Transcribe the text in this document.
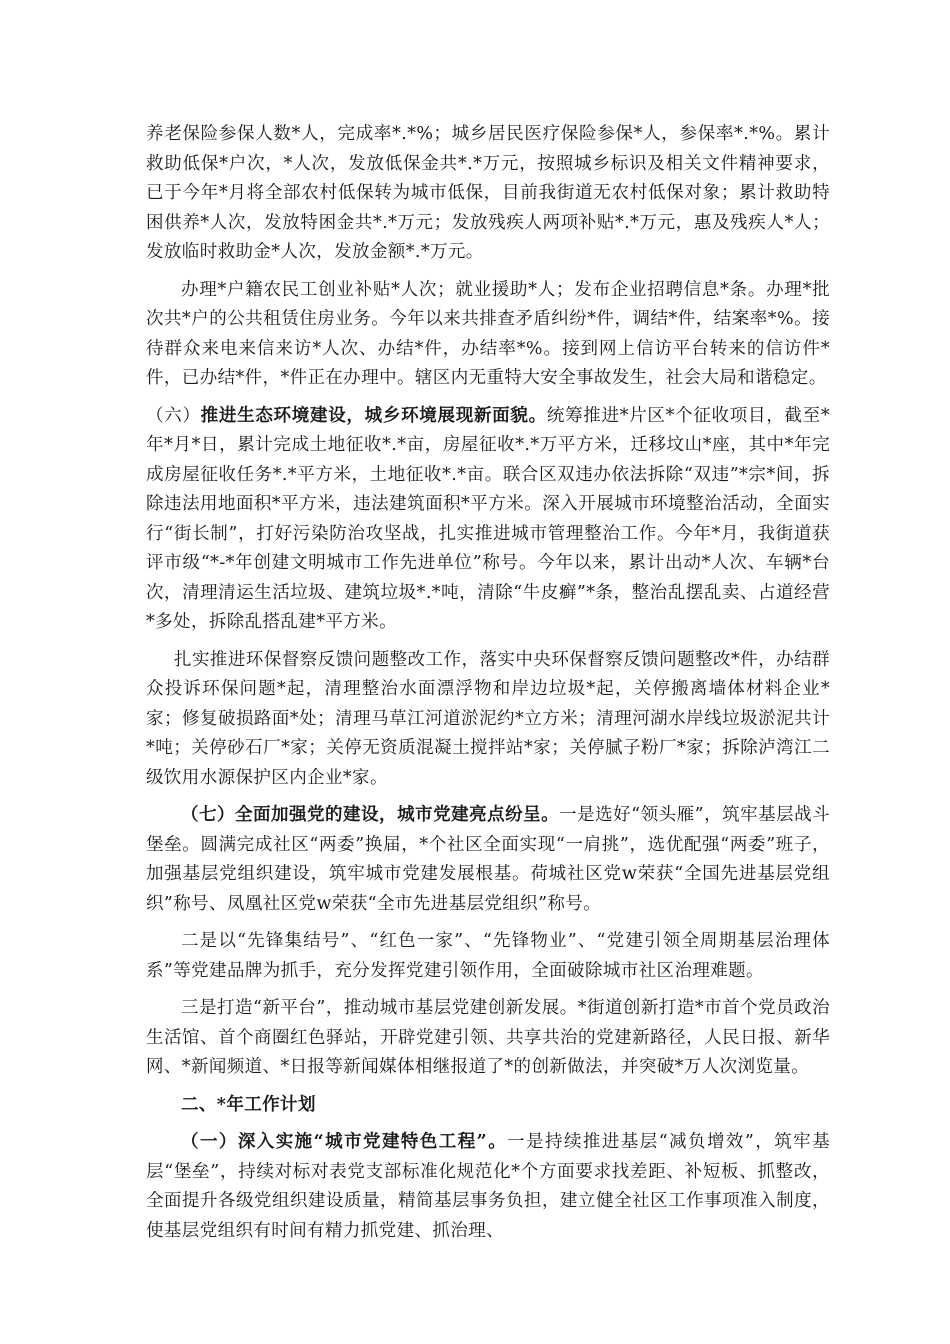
养老保险参保人数*人，完成率*.*%；城乡居民医疗保险参保*人，参保率*.*%。累计救助低保*户次，*人次，发放低保金共*.*万元，按照城乡标识及相关文件精神要求，已于今年*月将全部农村低保转为城市低保，目前我街道无农村低保对象；累计救助特困供养*人次，发放特困金共*.*万元；发放残疾人两项补贴*.*万元，惠及残疾人*人；发放临时救助金*人次，发放金额*.*万元。

办理*户籍农民工创业补贴*人次；就业援助*人；发布企业招聘信息*条。办理*批次共*户的公共租赁住房业务。今年以来共排查矛盾纠纷*件，调结*件，结案率*%。接待群众来电来信来访*人次、办结*件，办结率*%。接到网上信访平台转来的信访件*件，已办结*件，*件正在办理中。辖区内无重特大安全事故发生，社会大局和谐稳定。

（六）推进生态环境建设，城乡环境展现新面貌。统筹推进*片区*个征收项目，截至*年*月*日，累计完成土地征收*.*亩，房屋征收*.*万平方米，迁移坟山*座，其中*年完成房屋征收任务*.*平方米，土地征收*.*亩。联合区双违办依法拆除“双违”*宗*间，拆除违法用地面积*平方米，违法建筑面积*平方米。深入开展城市环境整治活动，全面实行“街长制”，打好污染防治攻坚战，扎实推进城市管理整治工作。今年*月，我街道获评市级“*-*年创建文明城市工作先进单位”称号。今年以来，累计出动*人次、车辆*台次，清理清运生活垃圾、建筑垃圾*.*吨，清除“牛皮癣”*条，整治乱摆乱卖、占道经营*多处，拆除乱搭乱建*平方米。

扎实推进环保督察反馈问题整改工作，落实中央环保督察反馈问题整改*件，办结群众投诉环保问题*起，清理整治水面漂浮物和岸边垃圾*起，关停搬离墙体材料企业*家；修复破损路面*处；清理马草江河道淤泥约*立方米；清理河湖水岸线垃圾淤泥共计*吨；关停砂石厂*家；关停无资质混凝土搅拌站*家；关停腻子粉厂*家；拆除泸湾江二级饮用水源保护区内企业*家。

（七）全面加强党的建设，城市党建亮点纷呈。一是选好“领头雁”，筑牢基层战斗堡垒。圆满完成社区“两委”换届，*个社区全面实现“一肩挑”，选优配强“两委”班子，加强基层党组织建设，筑牢城市党建发展根基。荷城社区党w荣获“全国先进基层党组织”称号、凤凰社区党w荣获“全市先进基层党组织”称号。

二是以“先锋集结号”、“红色一家”、“先锋物业”、“党建引领全周期基层治理体系”等党建品牌为抓手，充分发挥党建引领作用，全面破除城市社区治理难题。

三是打造“新平台”，推动城市基层党建创新发展。*街道创新打造*市首个党员政治生活馆、首个商圈红色驿站，开辟党建引领、共享共治的党建新路径，人民日报、新华网、*新闻频道、*日报等新闻媒体相继报道了*的创新做法，并突破*万人次浏览量。

二、*年工作计划

（一）深入实施“城市党建特色工程”。一是持续推进基层“减负增效”，筑牢基层“堡垒”，持续对标对表党支部标准化规范化*个方面要求找差距、补短板、抓整改，全面提升各级党组织建设质量，精简基层事务负担，建立健全社区工作事项准入制度，使基层党组织有时间有精力抓党建、抓治理、
